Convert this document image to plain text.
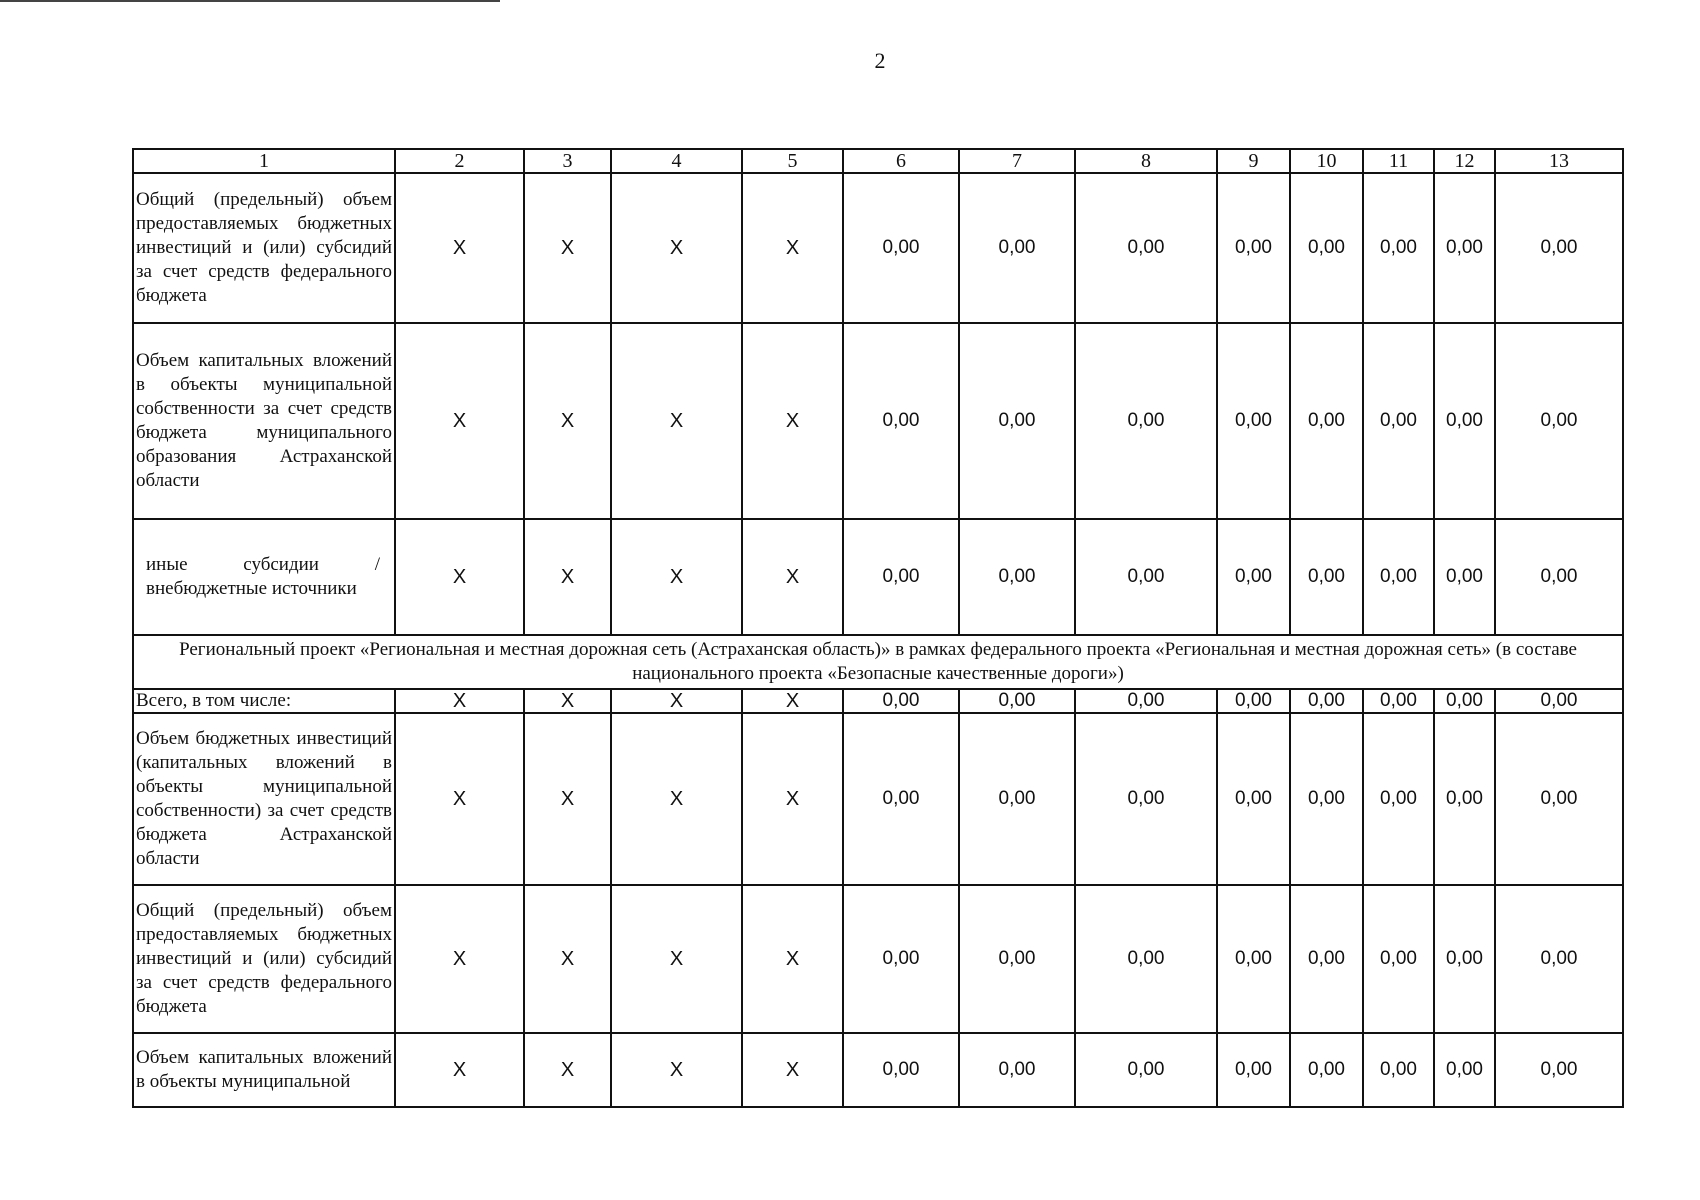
2
1	2	3	4	5	6	7	8	9	10	11	12	13
Общий (предельный) объем предоставляемых бюджетных инвестиций и (или) субсидий за счет средств федерального бюджета	X	X	X	X	0,00	0,00	0,00	0,00	0,00	0,00	0,00	0,00
Объем капитальных вложений в объекты муниципальной собственности за счет средств бюджета муниципального образования Астраханской области	X	X	X	X	0,00	0,00	0,00	0,00	0,00	0,00	0,00	0,00
иные субсидии / внебюджетные источники	X	X	X	X	0,00	0,00	0,00	0,00	0,00	0,00	0,00	0,00
Региональный проект «Региональная и местная дорожная сеть (Астраханская область)» в рамках федерального проекта «Региональная и местная дорожная сеть» (в составе национального проекта «Безопасные качественные дороги»)												
Всего, в том числе:	X	X	X	X	0,00	0,00	0,00	0,00	0,00	0,00	0,00	0,00
Объем бюджетных инвестиций (капитальных вложений в объекты муниципальной собственности) за счет средств бюджета Астраханской области	X	X	X	X	0,00	0,00	0,00	0,00	0,00	0,00	0,00	0,00
Общий (предельный) объем предоставляемых бюджетных инвестиций и (или) субсидий за счет средств федерального бюджета	X	X	X	X	0,00	0,00	0,00	0,00	0,00	0,00	0,00	0,00
Объем капитальных вложений в объекты муниципальной	X	X	X	X	0,00	0,00	0,00	0,00	0,00	0,00	0,00	0,00
